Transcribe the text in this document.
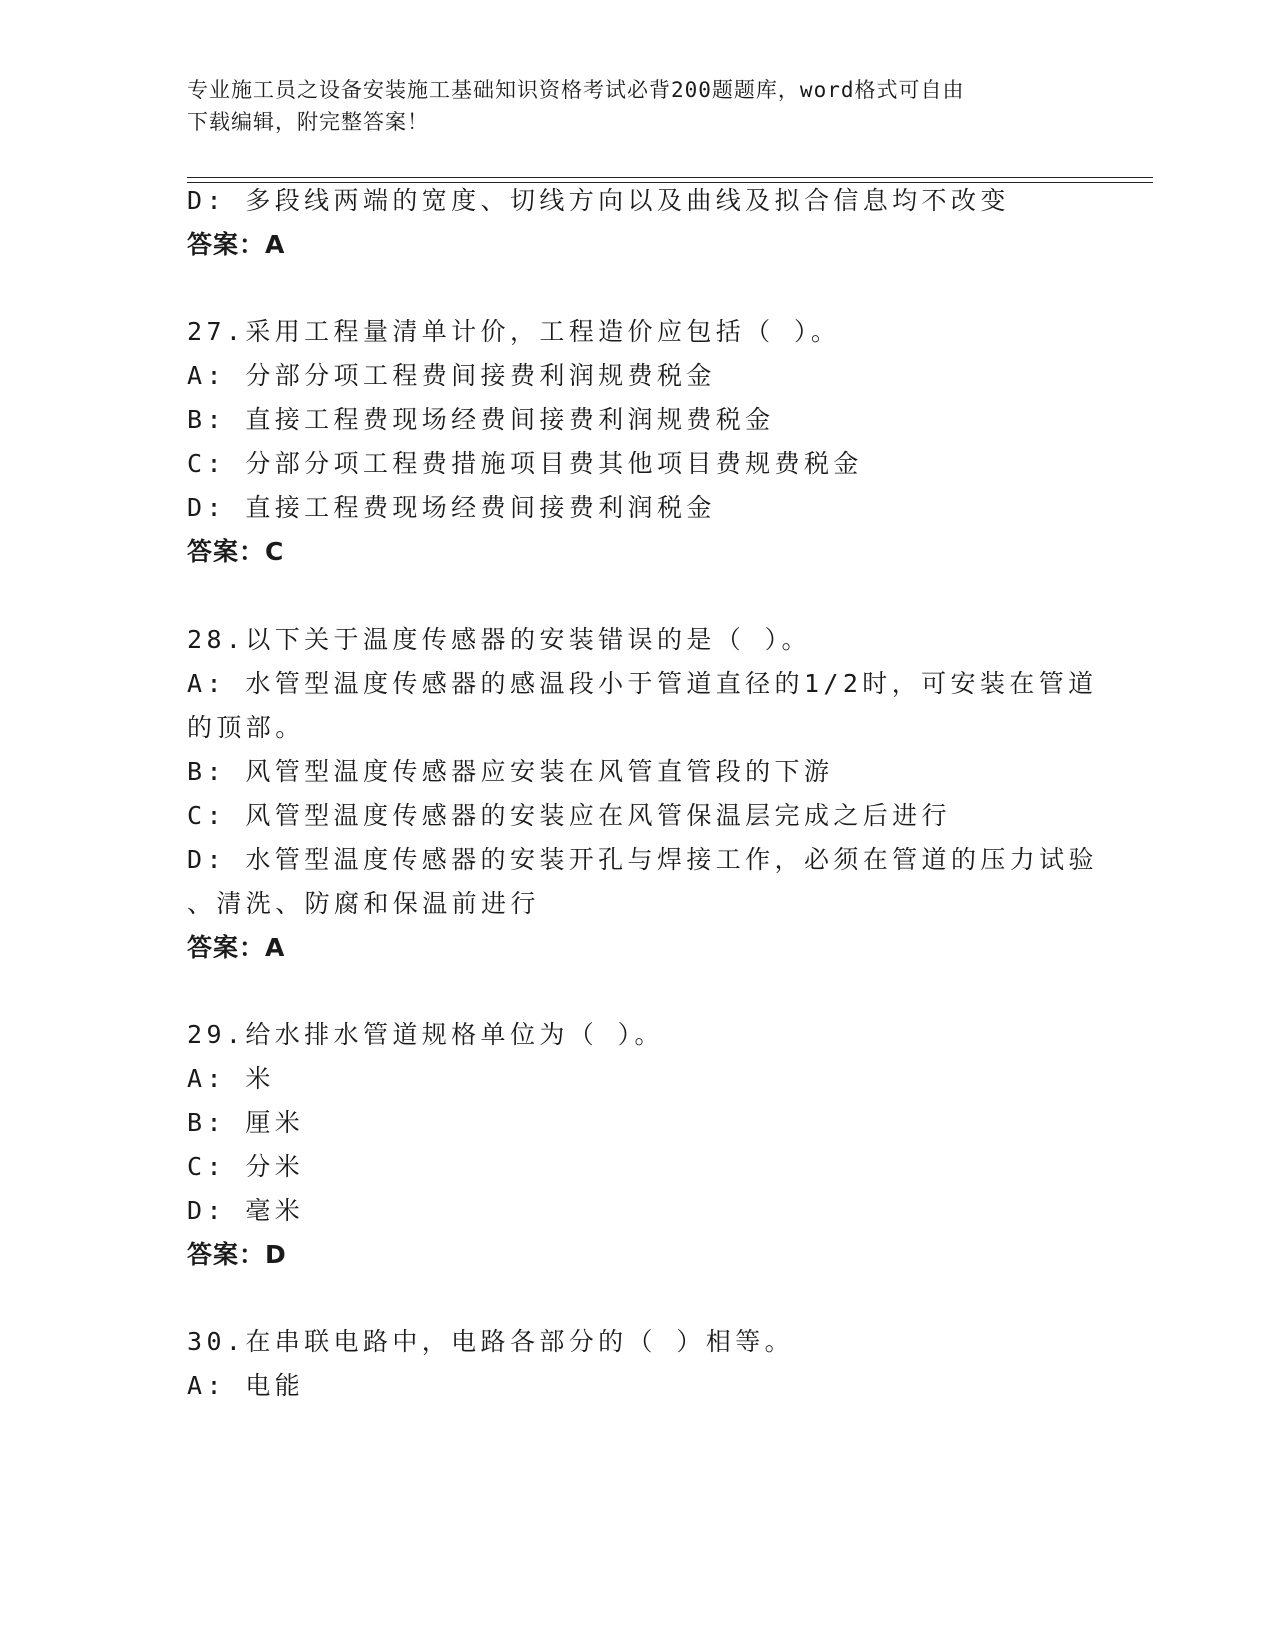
专业施工员之设备安装施工基础知识资格考试必背200题题库，word格式可自由
下载编辑，附完整答案！
D: 多段线两端的宽度、切线方向以及曲线及拟合信息均不改变
答案：A
27.采用工程量清单计价，工程造价应包括（ ）。
A: 分部分项工程费间接费利润规费税金
B: 直接工程费现场经费间接费利润规费税金
C: 分部分项工程费措施项目费其他项目费规费税金
D: 直接工程费现场经费间接费利润税金
答案：C
28.以下关于温度传感器的安装错误的是（ ）。
A: 水管型温度传感器的感温段小于管道直径的1/2时，可安装在管道
的顶部。
B: 风管型温度传感器应安装在风管直管段的下游
C: 风管型温度传感器的安装应在风管保温层完成之后进行
D: 水管型温度传感器的安装开孔与焊接工作，必须在管道的压力试验
、清洗、防腐和保温前进行
答案：A
29.给水排水管道规格单位为（ ）。
A: 米
B: 厘米
C: 分米
D: 毫米
答案：D
30.在串联电路中，电路各部分的（ ）相等。
A: 电能
